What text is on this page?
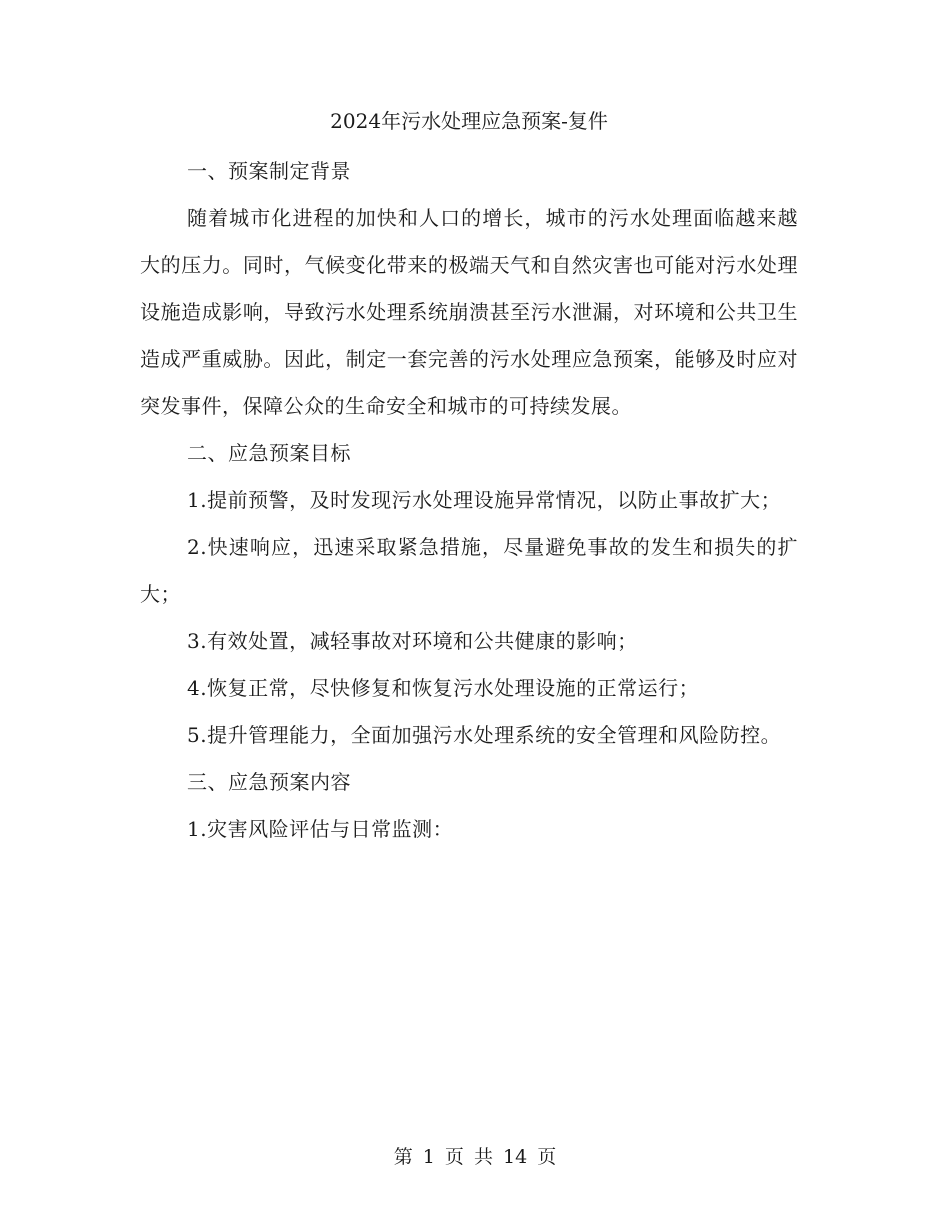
2024年污水处理应急预案-复件

一、预案制定背景

随着城市化进程的加快和人口的增长，城市的污水处理面临越来越大的压力。同时，气候变化带来的极端天气和自然灾害也可能对污水处理设施造成影响，导致污水处理系统崩溃甚至污水泄漏，对环境和公共卫生造成严重威胁。因此，制定一套完善的污水处理应急预案，能够及时应对突发事件，保障公众的生命安全和城市的可持续发展。

二、应急预案目标

1.提前预警，及时发现污水处理设施异常情况，以防止事故扩大；

2.快速响应，迅速采取紧急措施，尽量避免事故的发生和损失的扩大；

3.有效处置，减轻事故对环境和公共健康的影响；

4.恢复正常，尽快修复和恢复污水处理设施的正常运行；

5.提升管理能力，全面加强污水处理系统的安全管理和风险防控。

三、应急预案内容

1.灾害风险评估与日常监测：

第 1 页 共 14 页
